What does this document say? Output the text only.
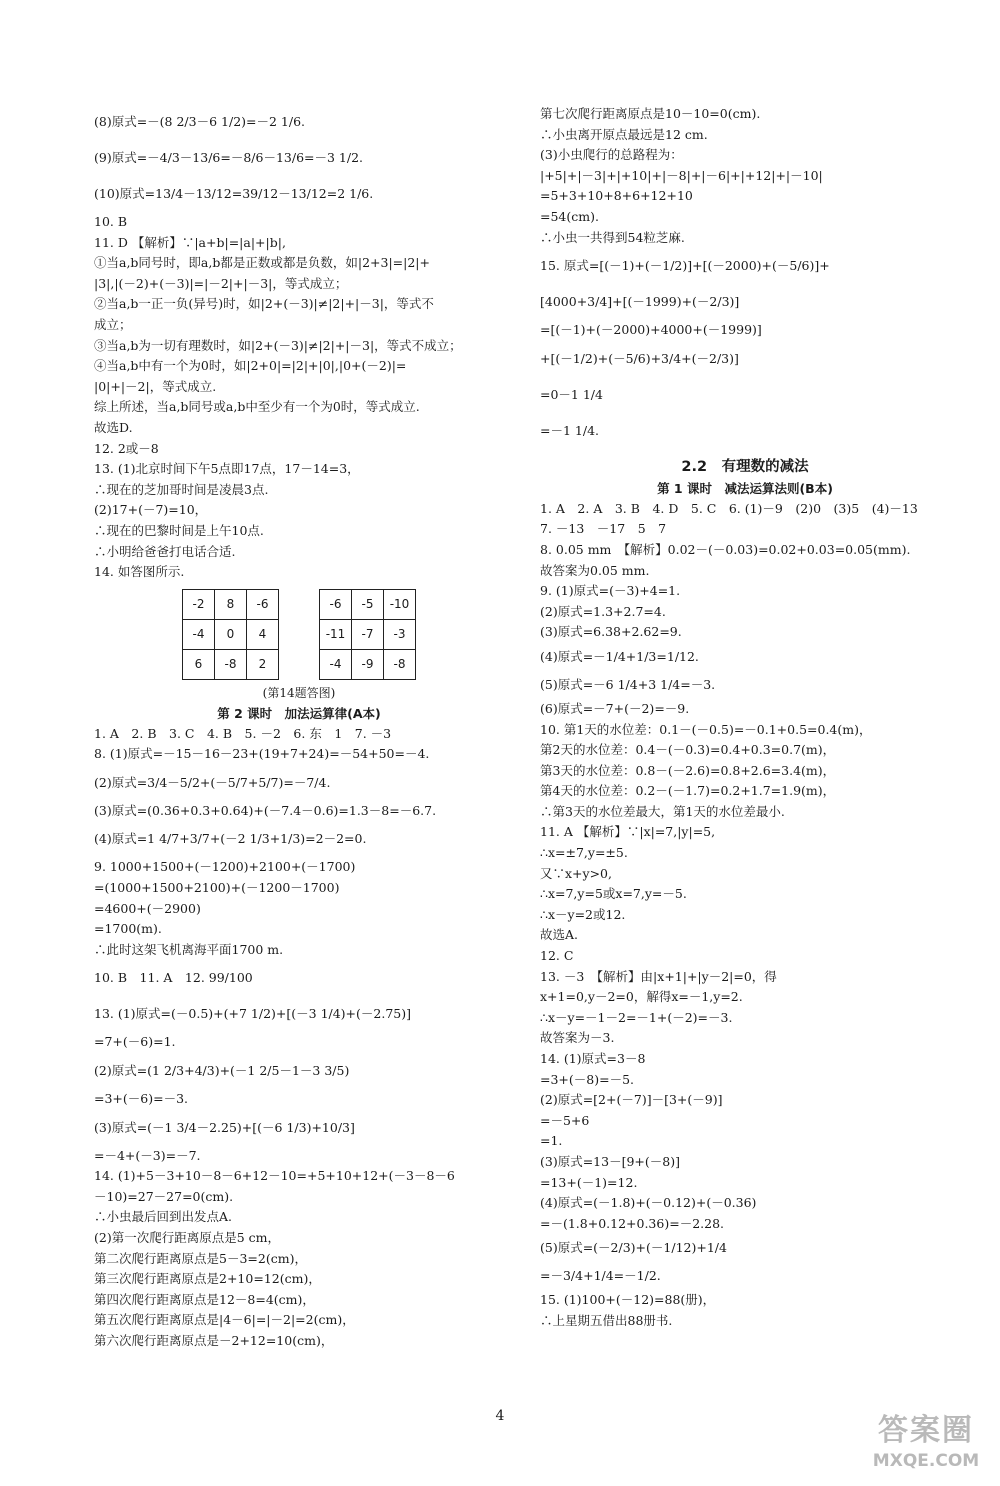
(8)原式=－(8 2/3－6 1/2)=－2 1/6.
(9)原式=－4/3－13/6=－8/6－13/6=－3 1/2.
(10)原式=13/4－13/12=39/12－13/12=2 1/6.
10. B
11. D 【解析】∵|a+b|=|a|+|b|,
①当a,b同号时，即a,b都是正数或都是负数，如|2+3|=|2|+
|3|,|(－2)+(－3)|=|－2|+|－3|，等式成立；
②当a,b一正一负(异号)时，如|2+(－3)|≠|2|+|－3|，等式不
成立；
③当a,b为一切有理数时，如|2+(－3)|≠|2|+|－3|，等式不成立；
④当a,b中有一个为0时，如|2+0|=|2|+|0|,|0+(－2)|=
|0|+|－2|，等式成立.
综上所述，当a,b同号或a,b中至少有一个为0时，等式成立.
故选D.
12. 2或－8
13. (1)北京时间下午5点即17点，17－14=3，
∴现在的芝加哥时间是凌晨3点.
(2)17+(－7)=10，
∴现在的巴黎时间是上午10点.
∴小明给爸爸打电话合适.
14. 如答图所示.
-2	8	-6
-4	0	4
6	-8	2
-6	-5	-10
-11	-7	-3
-4	-9	-8
(第14题答图)
第 2 课时　加法运算律(A本)
1. A　2. B　3. C　4. B　5. －2　6. 东　1　7. －3
8. (1)原式=－15－16－23+(19+7+24)=－54+50=－4.
(2)原式=3/4－5/2+(－5/7+5/7)=－7/4.
(3)原式=(0.36+0.3+0.64)+(－7.4－0.6)=1.3－8=－6.7.
(4)原式=1 4/7+3/7+(－2 1/3+1/3)=2－2=0.
9. 1000+1500+(－1200)+2100+(－1700)
=(1000+1500+2100)+(－1200－1700)
=4600+(－2900)
=1700(m).
∴此时这架飞机离海平面1700 m.
10. B　11. A　12. 99/100
13. (1)原式=(－0.5)+(+7 1/2)+[(－3 1/4)+(－2.75)]
=7+(－6)=1.
(2)原式=(1 2/3+4/3)+(－1 2/5－1－3 3/5)
=3+(－6)=－3.
(3)原式=(－1 3/4－2.25)+[(－6 1/3)+10/3]
=－4+(－3)=－7.
14. (1)+5－3+10－8－6+12－10=+5+10+12+(－3－8－6
－10)=27－27=0(cm).
∴小虫最后回到出发点A.
(2)第一次爬行距离原点是5 cm，
第二次爬行距离原点是5－3=2(cm)，
第三次爬行距离原点是2+10=12(cm)，
第四次爬行距离原点是12－8=4(cm)，
第五次爬行距离原点是|4－6|=|－2|=2(cm)，
第六次爬行距离原点是－2+12=10(cm)，
第七次爬行距离原点是10－10=0(cm).
∴小虫离开原点最远是12 cm.
(3)小虫爬行的总路程为：
|+5|+|－3|+|+10|+|－8|+|－6|+|+12|+|－10|
=5+3+10+8+6+12+10
=54(cm).
∴小虫一共得到54粒芝麻.
15. 原式=[(－1)+(－1/2)]+[(－2000)+(－5/6)]+
[4000+3/4]+[(－1999)+(－2/3)]
=[(－1)+(－2000)+4000+(－1999)]
+[(－1/2)+(－5/6)+3/4+(－2/3)]
=0－1 1/4
=－1 1/4.
2.2　有理数的减法
第 1 课时　减法运算法则(B本)
1. A　2. A　3. B　4. D　5. C　6. (1)－9　(2)0　(3)5　(4)－13
7. －13　－17　5　7
8. 0.05 mm　【解析】0.02－(－0.03)=0.02+0.03=0.05(mm).
故答案为0.05 mm.
9. (1)原式=(－3)+4=1.
(2)原式=1.3+2.7=4.
(3)原式=6.38+2.62=9.
(4)原式=－1/4+1/3=1/12.
(5)原式=－6 1/4+3 1/4=－3.
(6)原式=－7+(－2)=－9.
10. 第1天的水位差：0.1－(－0.5)=－0.1+0.5=0.4(m)，
第2天的水位差：0.4－(－0.3)=0.4+0.3=0.7(m)，
第3天的水位差：0.8－(－2.6)=0.8+2.6=3.4(m)，
第4天的水位差：0.2－(－1.7)=0.2+1.7=1.9(m)，
∴第3天的水位差最大，第1天的水位差最小.
11. A 【解析】∵|x|=7,|y|=5,
∴x=±7,y=±5.
又∵x+y>0,
∴x=7,y=5或x=7,y=－5.
∴x－y=2或12.
故选A.
12. C
13. －3　【解析】由|x+1|+|y－2|=0，得
x+1=0,y－2=0，解得x=－1,y=2.
∴x－y=－1－2=－1+(－2)=－3.
故答案为－3.
14. (1)原式=3－8
=3+(－8)=－5.
(2)原式=[2+(－7)]－[3+(－9)]
=－5+6
=1.
(3)原式=13－[9+(－8)]
=13+(－1)=12.
(4)原式=(－1.8)+(－0.12)+(－0.36)
=－(1.8+0.12+0.36)=－2.28.
(5)原式=(－2/3)+(－1/12)+1/4
=－3/4+1/4=－1/2.
15. (1)100+(－12)=88(册)，
∴上星期五借出88册书.
4	答案圈
MXQE.COM
